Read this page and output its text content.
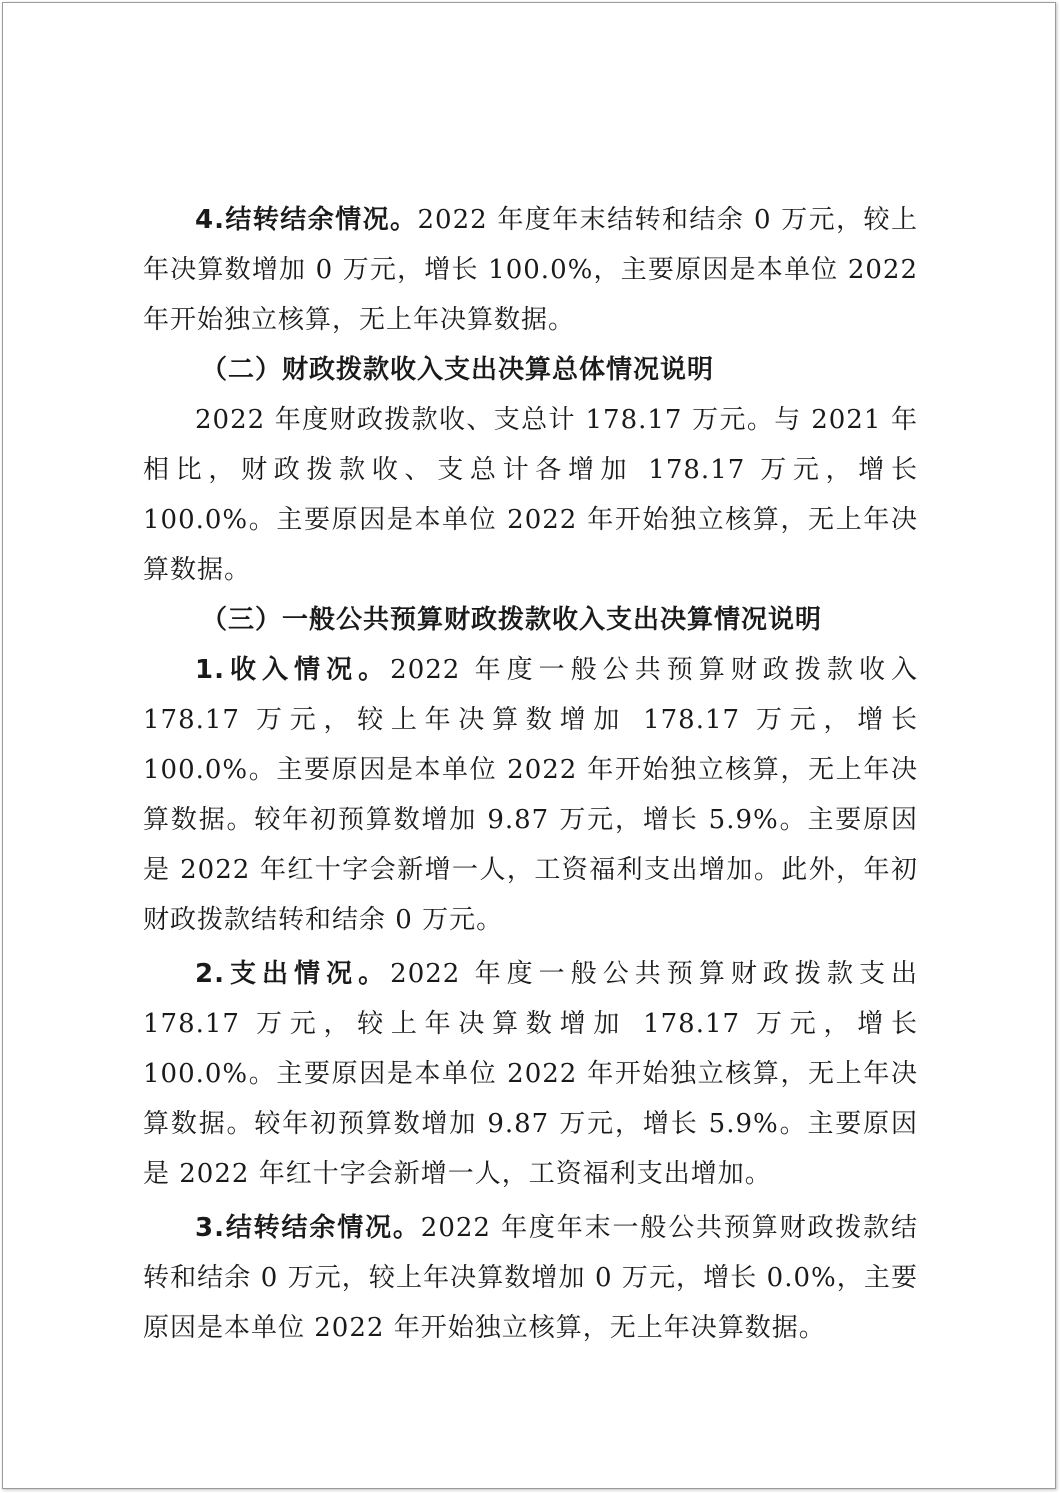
4.结转结余情况。2022 年度年末结转和结余 0 万元，较上年决算数增加 0 万元，增长 100.0%，主要原因是本单位 2022 年开始独立核算，无上年决算数据。

（二）财政拨款收入支出决算总体情况说明

2022 年度财政拨款收、支总计 178.17 万元。与 2021 年相比，财政拨款收、支总计各增加 178.17 万元，增长 100.0%。主要原因是本单位 2022 年开始独立核算，无上年决算数据。

（三）一般公共预算财政拨款收入支出决算情况说明

1.收入情况。2022 年度一般公共预算财政拨款收入 178.17 万元，较上年决算数增加 178.17 万元，增长 100.0%。主要原因是本单位 2022 年开始独立核算，无上年决算数据。较年初预算数增加 9.87 万元，增长 5.9%。主要原因是 2022 年红十字会新增一人，工资福利支出增加。此外，年初财政拨款结转和结余 0 万元。

2.支出情况。2022 年度一般公共预算财政拨款支出 178.17 万元，较上年决算数增加 178.17 万元，增长 100.0%。主要原因是本单位 2022 年开始独立核算，无上年决算数据。较年初预算数增加 9.87 万元，增长 5.9%。主要原因是 2022 年红十字会新增一人，工资福利支出增加。

3.结转结余情况。2022 年度年末一般公共预算财政拨款结转和结余 0 万元，较上年决算数增加 0 万元，增长 0.0%，主要原因是本单位 2022 年开始独立核算，无上年决算数据。
